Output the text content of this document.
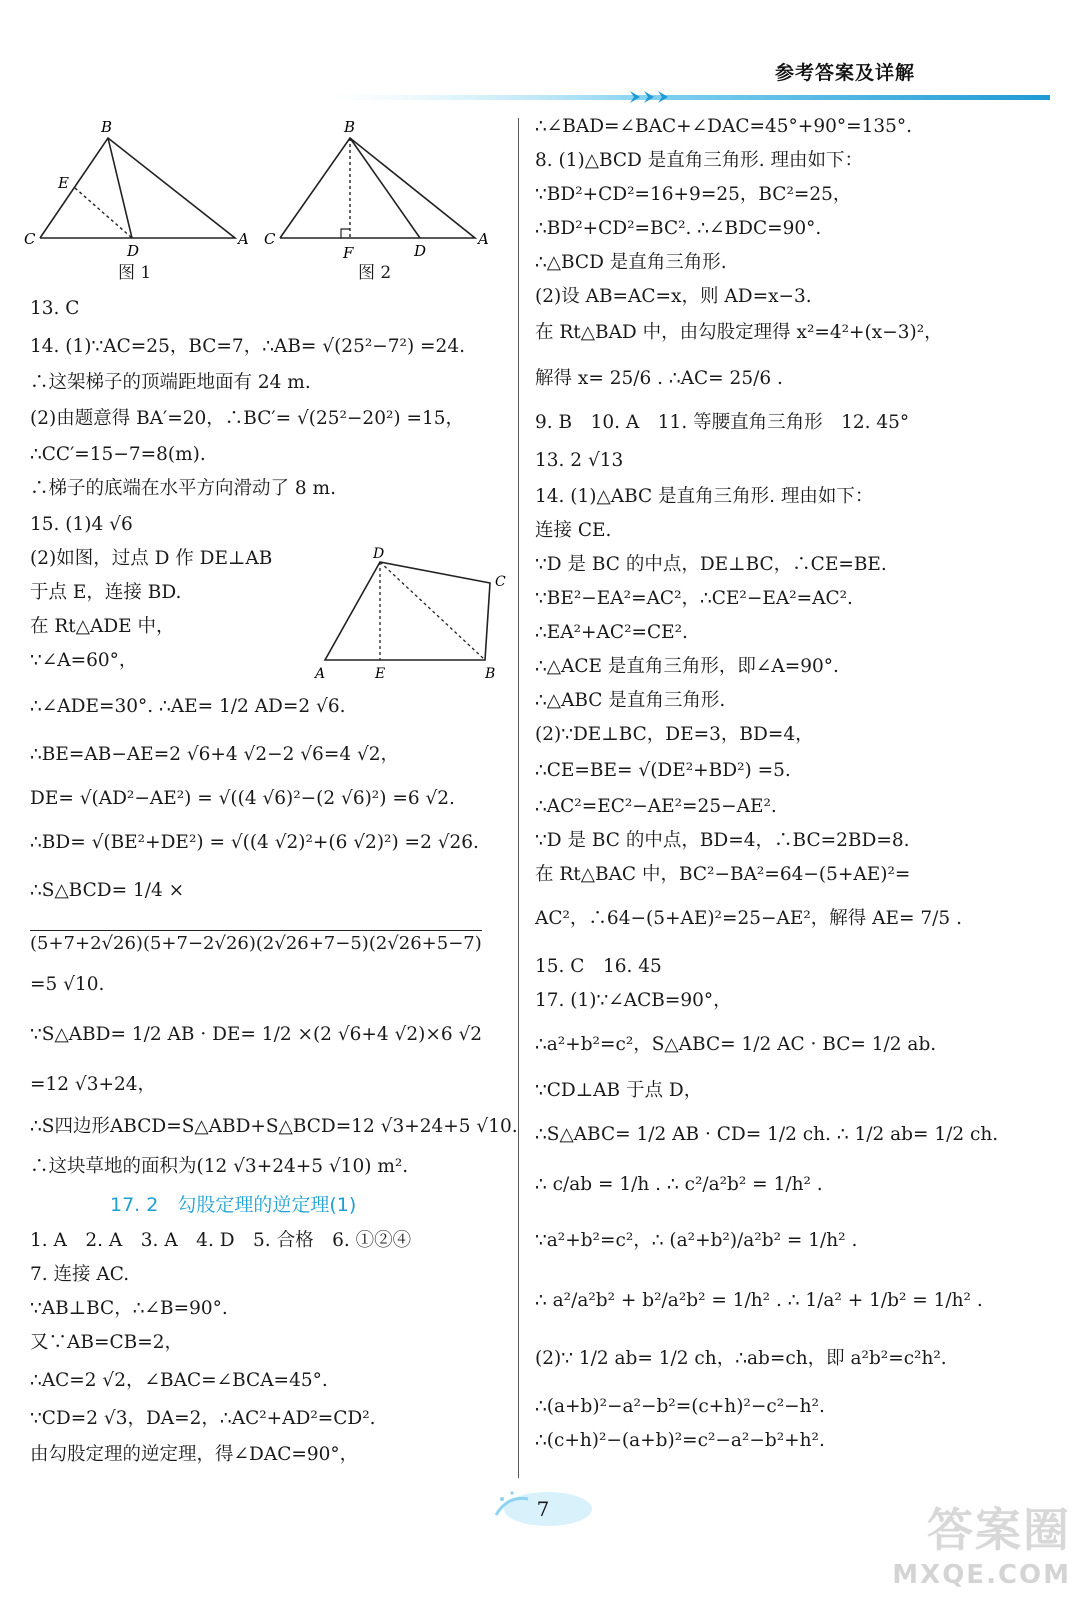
参考答案及详解
B
E
C
D
A
图 1
B
C
F	D
A
图 2
D
C
A	E	B
13. C
14. (1)∵AC=25，BC=7，∴AB= √(25²−7²) =24.
∴这架梯子的顶端距地面有 24 m.
(2)由题意得 BA′=20，∴BC′= √(25²−20²) =15，
∴CC′=15−7=8(m).
∴梯子的底端在水平方向滑动了 8 m.
15. (1)4 √6
(2)如图，过点 D 作 DE⊥AB
于点 E，连接 BD.
在 Rt△ADE 中，
∵∠A=60°，
∴∠ADE=30°. ∴AE= 1/2 AD=2 √6.
∴BE=AB−AE=2 √6+4 √2−2 √6=4 √2，
DE= √(AD²−AE²) = √((4 √6)²−(2 √6)²) =6 √2.
∴BD= √(BE²+DE²) = √((4 √2)²+(6 √2)²) =2 √26.
∴S△BCD= 1/4 ×
(5+7+2√26)(5+7−2√26)(2√26+7−5)(2√26+5−7)
=5 √10.
∵S△ABD= 1/2 AB · DE= 1/2 ×(2 √6+4 √2)×6 √2
=12 √3+24，
∴S四边形ABCD=S△ABD+S△BCD=12 √3+24+5 √10.
∴这块草地的面积为(12 √3+24+5 √10) m².
17. 2　勾股定理的逆定理(1)
1. A　2. A　3. A　4. D　5. 合格　6. ①②④
7. 连接 AC.
∵AB⊥BC，∴∠B=90°.
又∵AB=CB=2，
∴AC=2 √2，∠BAC=∠BCA=45°.
∵CD=2 √3，DA=2，∴AC²+AD²=CD².
由勾股定理的逆定理，得∠DAC=90°，
∴∠BAD=∠BAC+∠DAC=45°+90°=135°.
8. (1)△BCD 是直角三角形. 理由如下：
∵BD²+CD²=16+9=25，BC²=25，
∴BD²+CD²=BC². ∴∠BDC=90°.
∴△BCD 是直角三角形.
(2)设 AB=AC=x，则 AD=x−3.
在 Rt△BAD 中，由勾股定理得 x²=4²+(x−3)²，
解得 x= 25/6 . ∴AC= 25/6 .
9. B　10. A　11. 等腰直角三角形　12. 45°
13. 2 √13
14. (1)△ABC 是直角三角形. 理由如下：
连接 CE.
∵D 是 BC 的中点，DE⊥BC，∴CE=BE.
∵BE²−EA²=AC²，∴CE²−EA²=AC².
∴EA²+AC²=CE².
∴△ACE 是直角三角形，即∠A=90°.
∴△ABC 是直角三角形.
(2)∵DE⊥BC，DE=3，BD=4，
∴CE=BE= √(DE²+BD²) =5.
∴AC²=EC²−AE²=25−AE².
∵D 是 BC 的中点，BD=4，∴BC=2BD=8.
在 Rt△BAC 中，BC²−BA²=64−(5+AE)²=
AC²，∴64−(5+AE)²=25−AE²，解得 AE= 7/5 .
15. C　16. 45
17. (1)∵∠ACB=90°，
∴a²+b²=c²，S△ABC= 1/2 AC · BC= 1/2 ab.
∵CD⊥AB 于点 D，
∴S△ABC= 1/2 AB · CD= 1/2 ch. ∴ 1/2 ab= 1/2 ch.
∴ c/ab = 1/h . ∴ c²/a²b² = 1/h² .
∵a²+b²=c²，∴ (a²+b²)/a²b² = 1/h² .
∴ a²/a²b² + b²/a²b² = 1/h² . ∴ 1/a² + 1/b² = 1/h² .
(2)∵ 1/2 ab= 1/2 ch，∴ab=ch，即 a²b²=c²h².
∴(a+b)²−a²−b²=(c+h)²−c²−h².
∴(c+h)²−(a+b)²=c²−a²−b²+h².
7	答案圈
MXQE.COM
